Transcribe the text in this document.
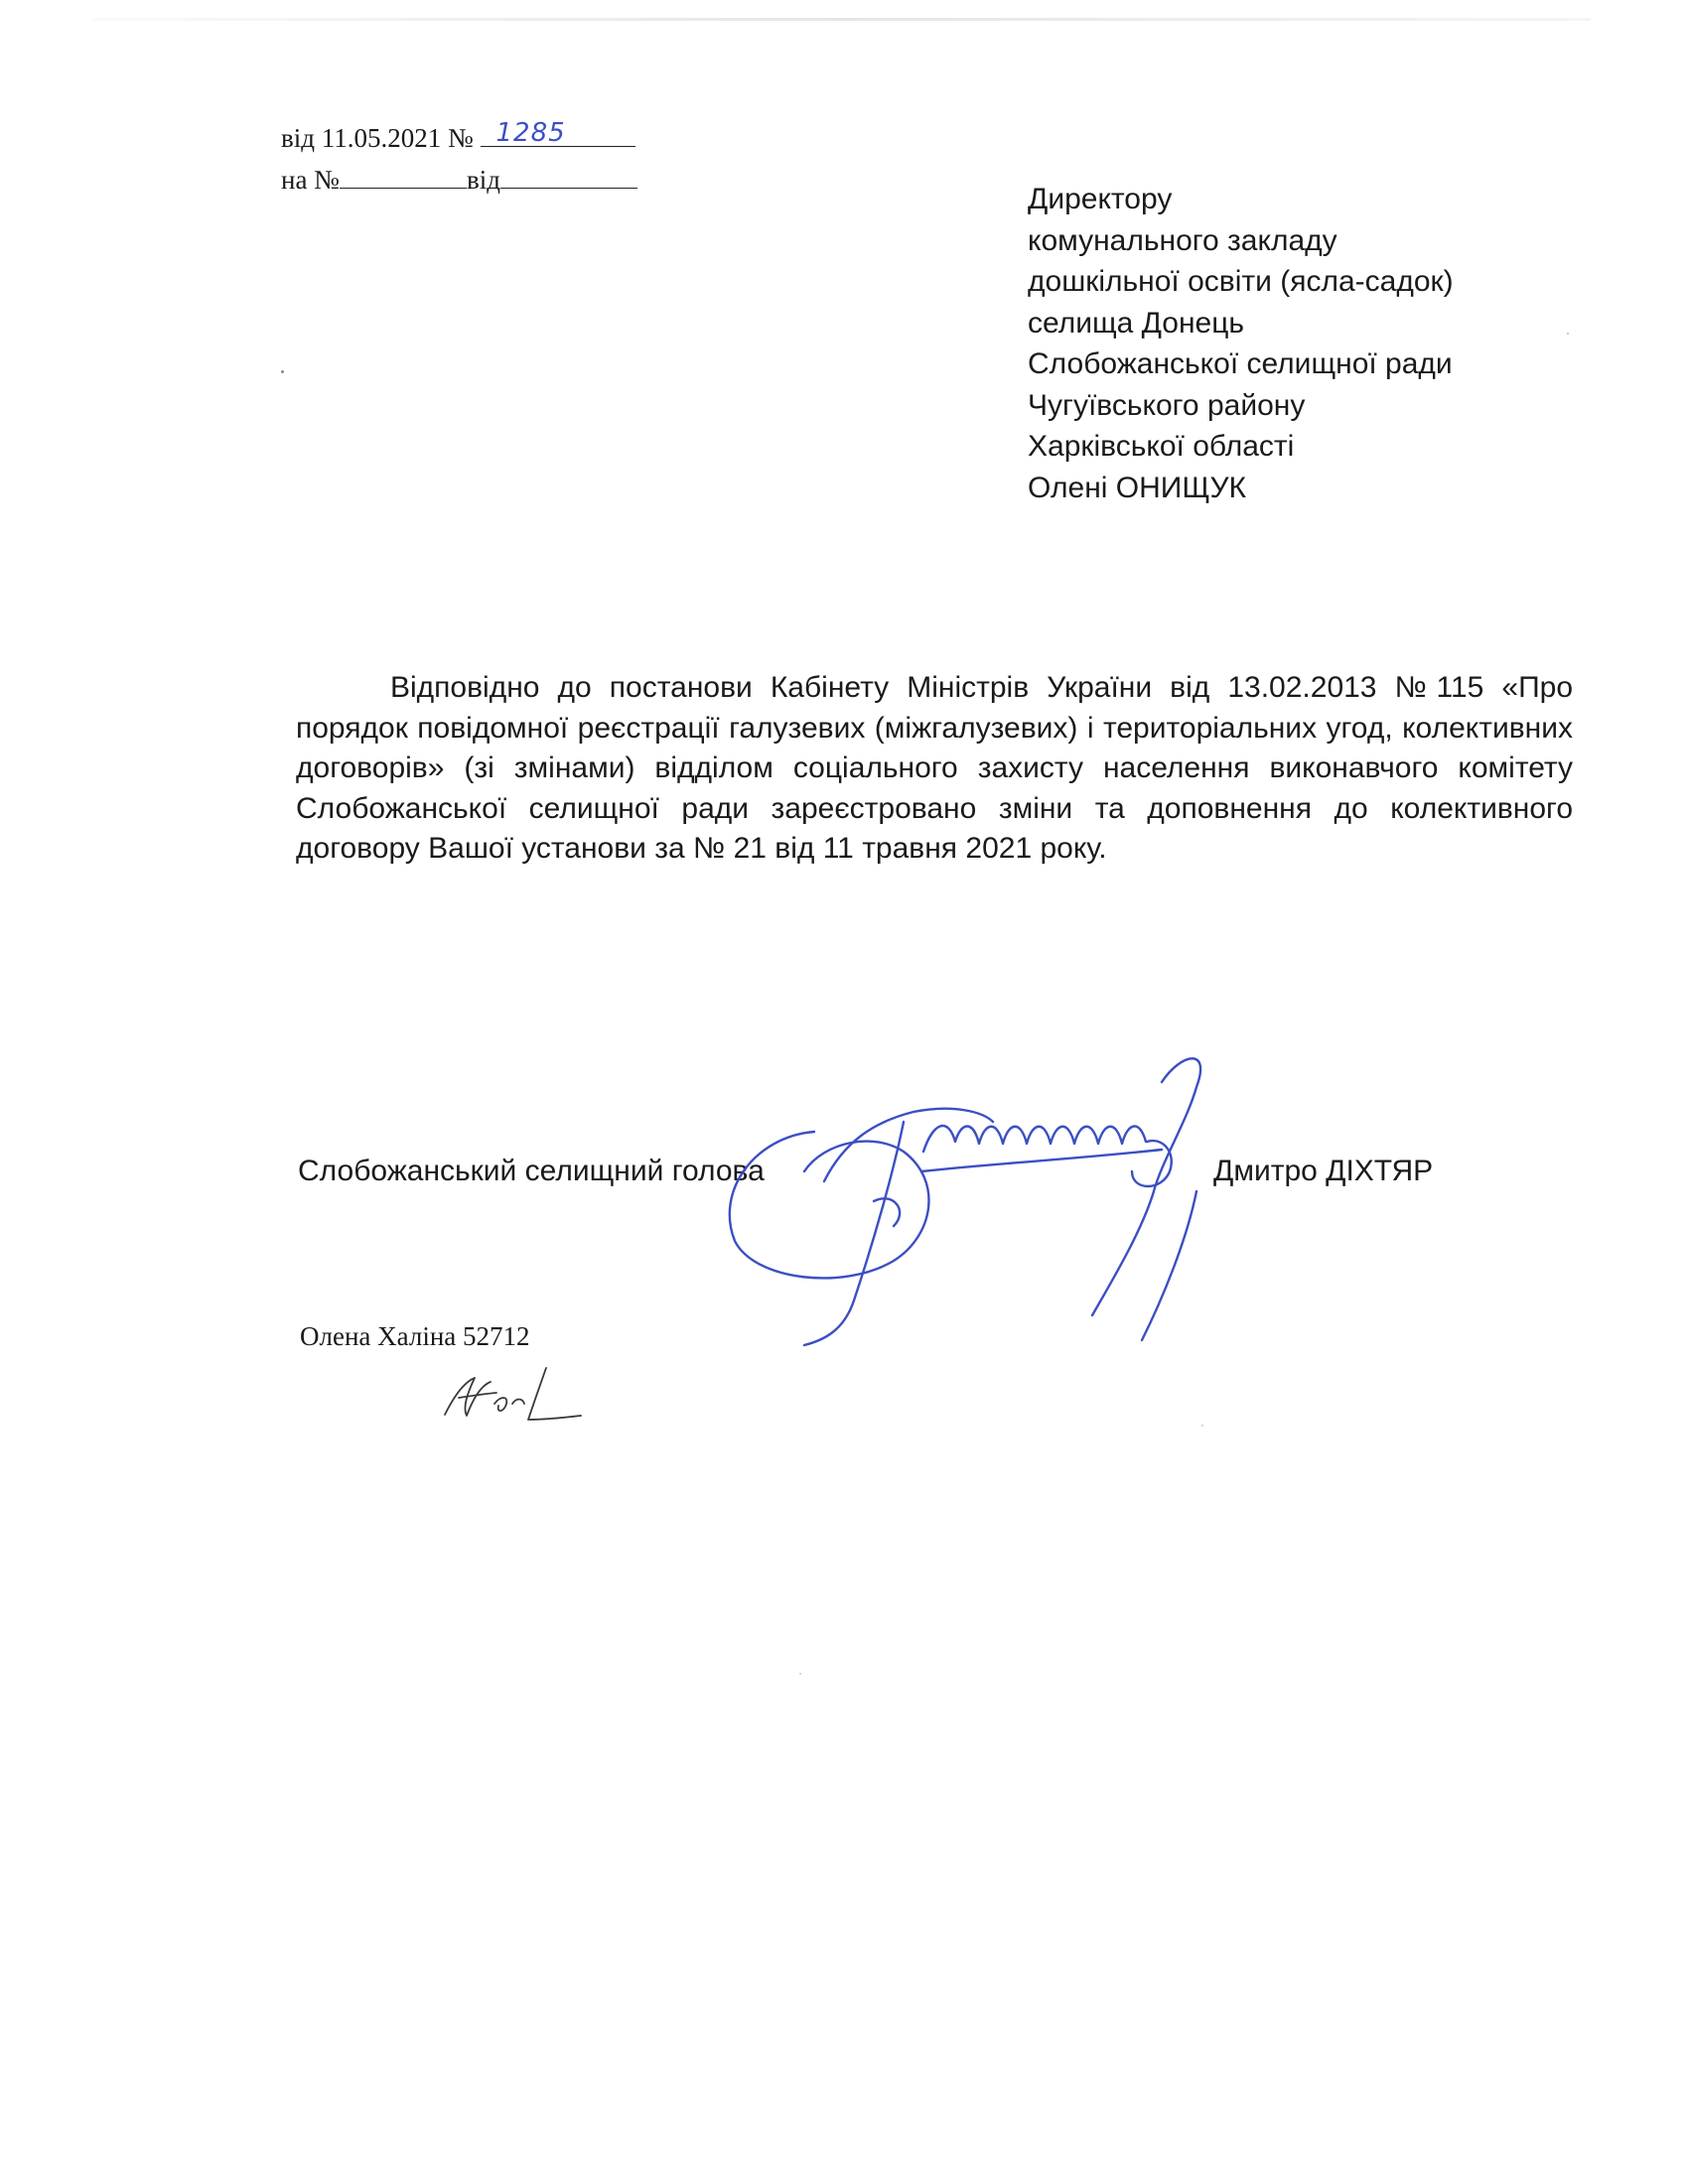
від 11.05.2021 № 1285
на №	від
Директору
комунального закладу
дошкільної освіти (ясла-садок)
селища Донець
Слобожанської селищної ради
Чугуївського району
Харківської області
Олені ОНИЩУК

Відповідно до постанови Кабінету Міністрів України від 13.02.2013 №115 «Про порядок повідомної реєстрації галузевих (міжгалузевих) і територіальних угод, колективних договорів» (зі змінами) відділом соціального захисту населення виконавчого комітету Слобожанської селищної ради зареєстровано зміни та доповнення до колективного договору Вашої установи за № 21 від 11 травня 2021 року.

Слобожанський селищний голова	Дмитро ДІХТЯР
Олена Халіна 52712
